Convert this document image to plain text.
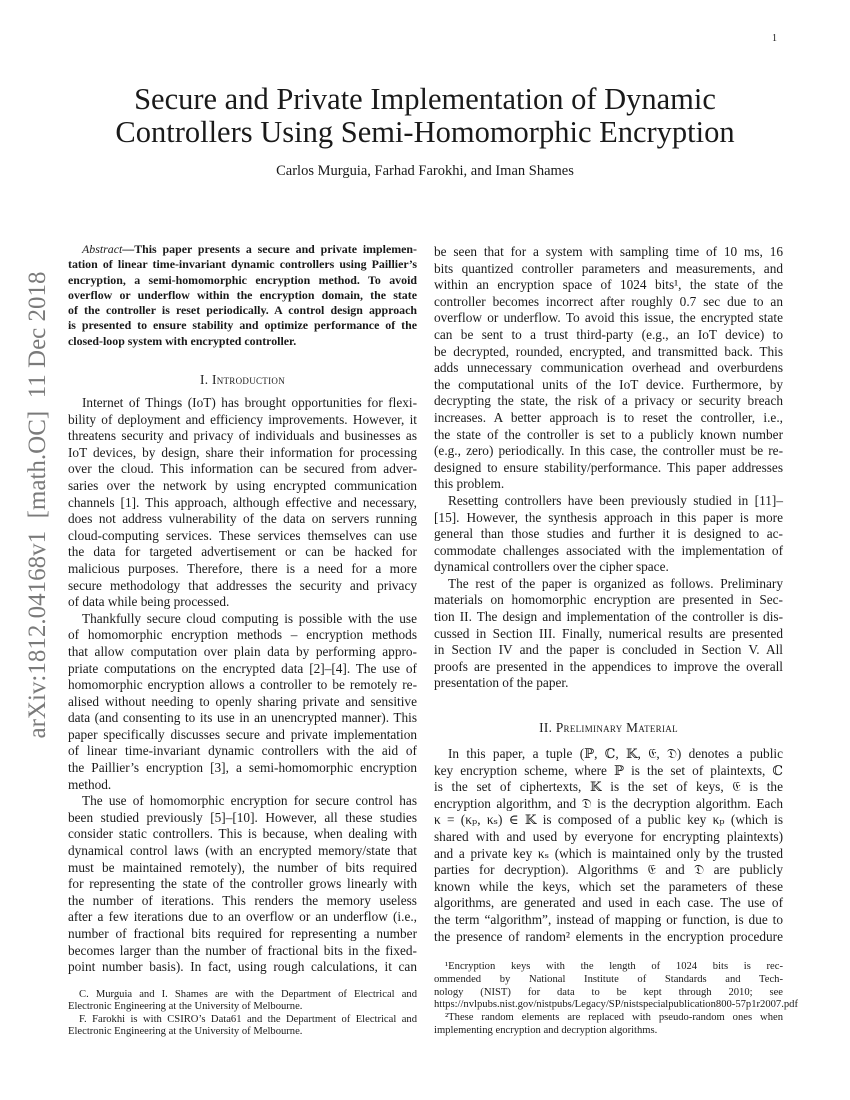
1
arXiv:1812.04168v1  [math.OC]  11 Dec 2018
Secure and Private Implementation of Dynamic
Controllers Using Semi-Homomorphic Encryption
Carlos Murguia, Farhad Farokhi, and Iman Shames
Abstract—This paper presents a secure and private implemen-
tation of linear time-invariant dynamic controllers using Paillier’s
encryption, a semi-homomorphic encryption method. To avoid
overflow or underflow within the encryption domain, the state
of the controller is reset periodically. A control design approach
is presented to ensure stability and optimize performance of the
closed-loop system with encrypted controller.
I. Introduction
Internet of Things (IoT) has brought opportunities for flexi-
bility of deployment and efficiency improvements. However, it
threatens security and privacy of individuals and businesses as
IoT devices, by design, share their information for processing
over the cloud. This information can be secured from adver-
saries over the network by using encrypted communication
channels [1]. This approach, although effective and necessary,
does not address vulnerability of the data on servers running
cloud-computing services. These services themselves can use
the data for targeted advertisement or can be hacked for
malicious purposes. Therefore, there is a need for a more
secure methodology that addresses the security and privacy
of data while being processed.
Thankfully secure cloud computing is possible with the use
of homomorphic encryption methods – encryption methods
that allow computation over plain data by performing appro-
priate computations on the encrypted data [2]–[4]. The use of
homomorphic encryption allows a controller to be remotely re-
alised without needing to openly sharing private and sensitive
data (and consenting to its use in an unencrypted manner). This
paper specifically discusses secure and private implementation
of linear time-invariant dynamic controllers with the aid of
the Paillier’s encryption [3], a semi-homomorphic encryption
method.
The use of homomorphic encryption for secure control has
been studied previously [5]–[10]. However, all these studies
consider static controllers. This is because, when dealing with
dynamical control laws (with an encrypted memory/state that
must be maintained remotely), the number of bits required
for representing the state of the controller grows linearly with
the number of iterations. This renders the memory useless
after a few iterations due to an overflow or an underflow (i.e.,
number of fractional bits required for representing a number
becomes larger than the number of fractional bits in the fixed-
point number basis). In fact, using rough calculations, it can
C. Murguia and I. Shames are with the Department of Electrical and
Electronic Engineering at the University of Melbourne.
F. Farokhi is with CSIRO’s Data61 and the Department of Electrical and
Electronic Engineering at the University of Melbourne.
be seen that for a system with sampling time of 10 ms, 16
bits quantized controller parameters and measurements, and
within an encryption space of 1024 bits¹, the state of the
controller becomes incorrect after roughly 0.7 sec due to an
overflow or underflow. To avoid this issue, the encrypted state
can be sent to a trust third-party (e.g., an IoT device) to
be decrypted, rounded, encrypted, and transmitted back. This
adds unnecessary communication overhead and overburdens
the computational units of the IoT device. Furthermore, by
decrypting the state, the risk of a privacy or security breach
increases. A better approach is to reset the controller, i.e.,
the state of the controller is set to a publicly known number
(e.g., zero) periodically. In this case, the controller must be re-
designed to ensure stability/performance. This paper addresses
this problem.
Resetting controllers have been previously studied in [11]–
[15]. However, the synthesis approach in this paper is more
general than those studies and further it is designed to ac-
commodate challenges associated with the implementation of
dynamical controllers over the cipher space.
The rest of the paper is organized as follows. Preliminary
materials on homomorphic encryption are presented in Sec-
tion II. The design and implementation of the controller is dis-
cussed in Section III. Finally, numerical results are presented
in Section IV and the paper is concluded in Section V. All
proofs are presented in the appendices to improve the overall
presentation of the paper.
II. Preliminary Material
In this paper, a tuple (ℙ, ℂ, 𝕂, 𝔈, 𝔇) denotes a public
key encryption scheme, where ℙ is the set of plaintexts, ℂ
is the set of ciphertexts, 𝕂 is the set of keys, 𝔈 is the
encryption algorithm, and 𝔇 is the decryption algorithm. Each
κ = (κₚ, κₛ) ∈ 𝕂 is composed of a public key κₚ (which is
shared with and used by everyone for encrypting plaintexts)
and a private key κₛ (which is maintained only by the trusted
parties for decryption). Algorithms 𝔈 and 𝔇 are publicly
known while the keys, which set the parameters of these
algorithms, are generated and used in each case. The use of
the term “algorithm”, instead of mapping or function, is due to
the presence of random² elements in the encryption procedure
¹Encryption keys with the length of 1024 bits is rec-
ommended by National Institute of Standards and Tech-
nology (NIST) for data to be kept through 2010; see
https://nvlpubs.nist.gov/nistpubs/Legacy/SP/nistspecialpublication800-57p1r2007.pdf
²These random elements are replaced with pseudo-random ones when
implementing encryption and decryption algorithms.
